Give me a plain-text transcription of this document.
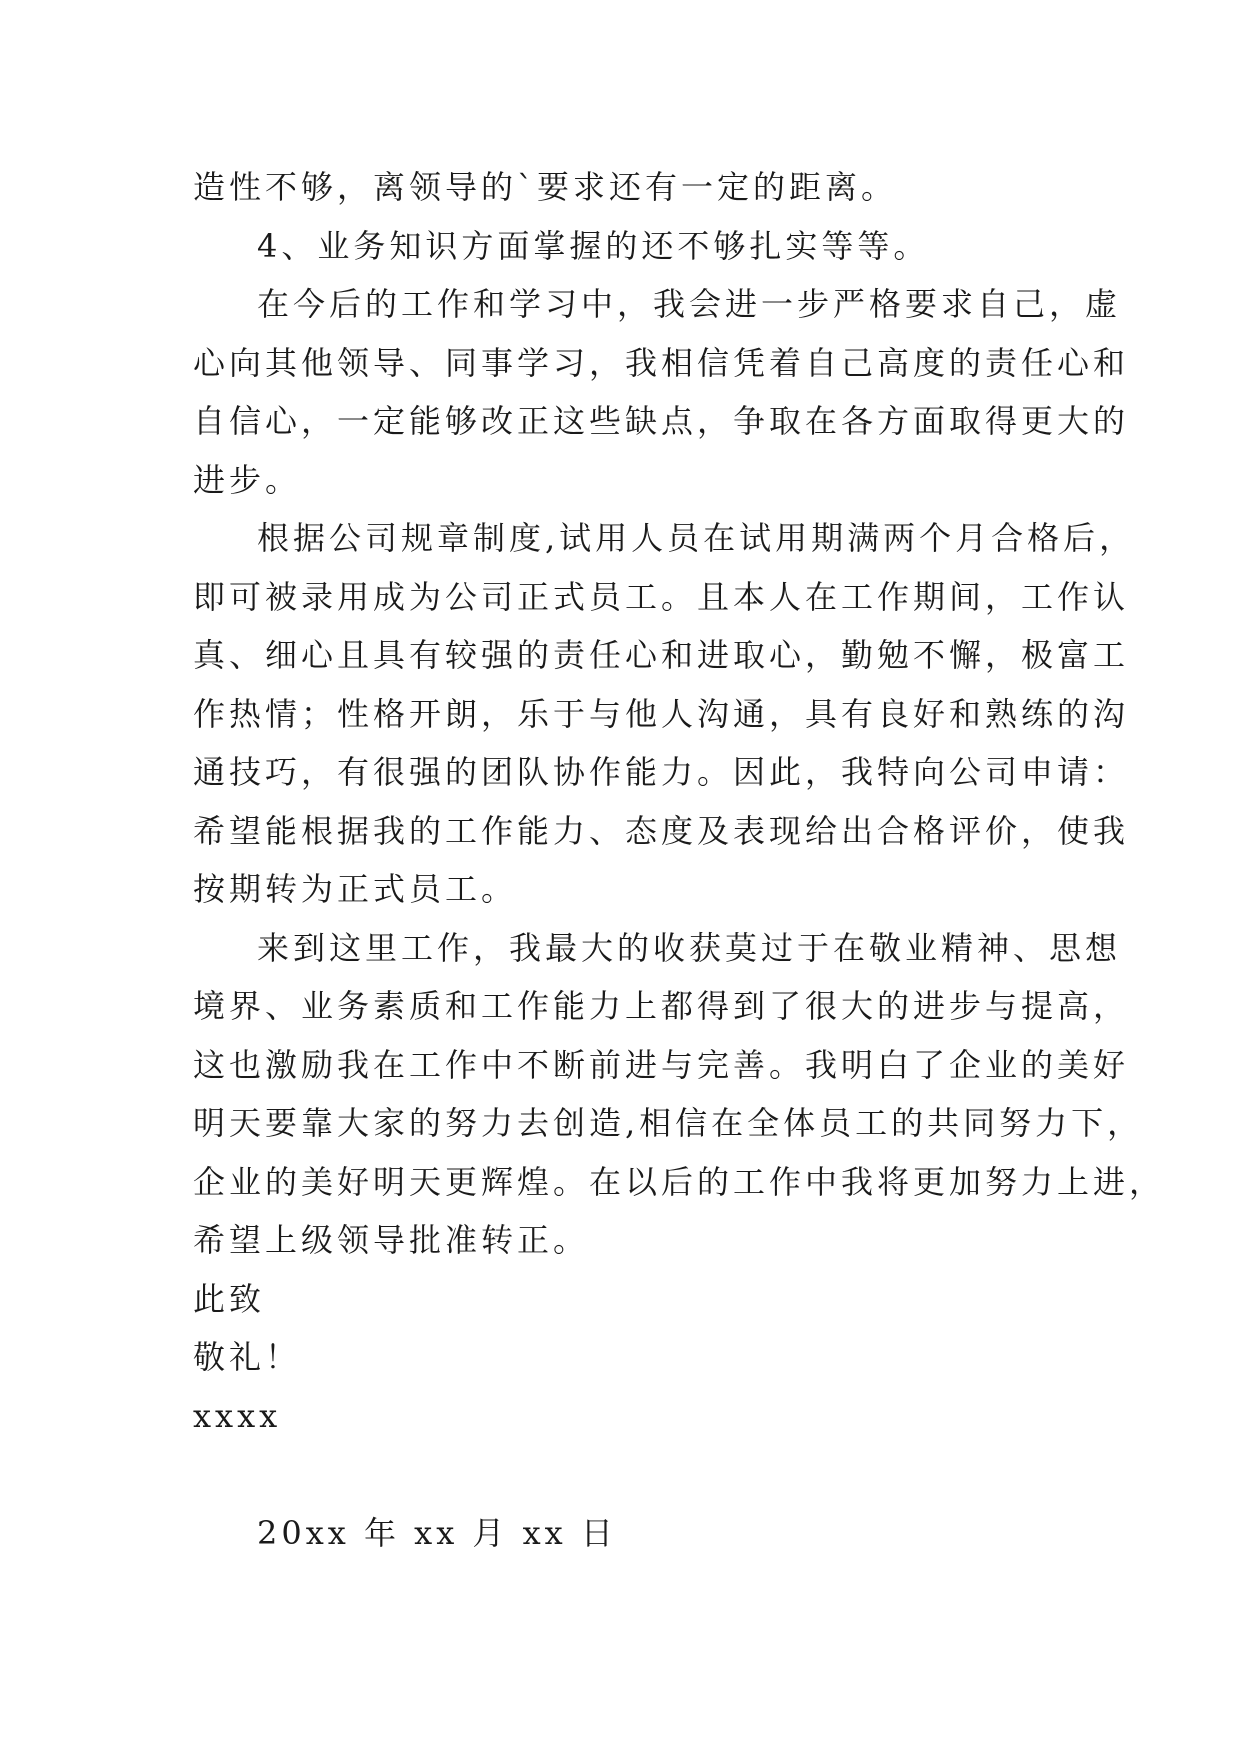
造性不够，离领导的`要求还有一定的距离。
4、业务知识方面掌握的还不够扎实等等。
在今后的工作和学习中，我会进一步严格要求自己，虚
心向其他领导、同事学习，我相信凭着自己高度的责任心和
自信心，一定能够改正这些缺点，争取在各方面取得更大的
进步。
根据公司规章制度,试用人员在试用期满两个月合格后，
即可被录用成为公司正式员工。且本人在工作期间，工作认
真、细心且具有较强的责任心和进取心，勤勉不懈，极富工
作热情；性格开朗，乐于与他人沟通，具有良好和熟练的沟
通技巧，有很强的团队协作能力。因此，我特向公司申请：
希望能根据我的工作能力、态度及表现给出合格评价，使我
按期转为正式员工。
来到这里工作，我最大的收获莫过于在敬业精神、思想
境界、业务素质和工作能力上都得到了很大的进步与提高，
这也激励我在工作中不断前进与完善。我明白了企业的美好
明天要靠大家的努力去创造,相信在全体员工的共同努力下，
企业的美好明天更辉煌。在以后的工作中我将更加努力上进，
希望上级领导批准转正。
此致
敬礼！
xxxx
20xx 年 xx 月 xx 日
